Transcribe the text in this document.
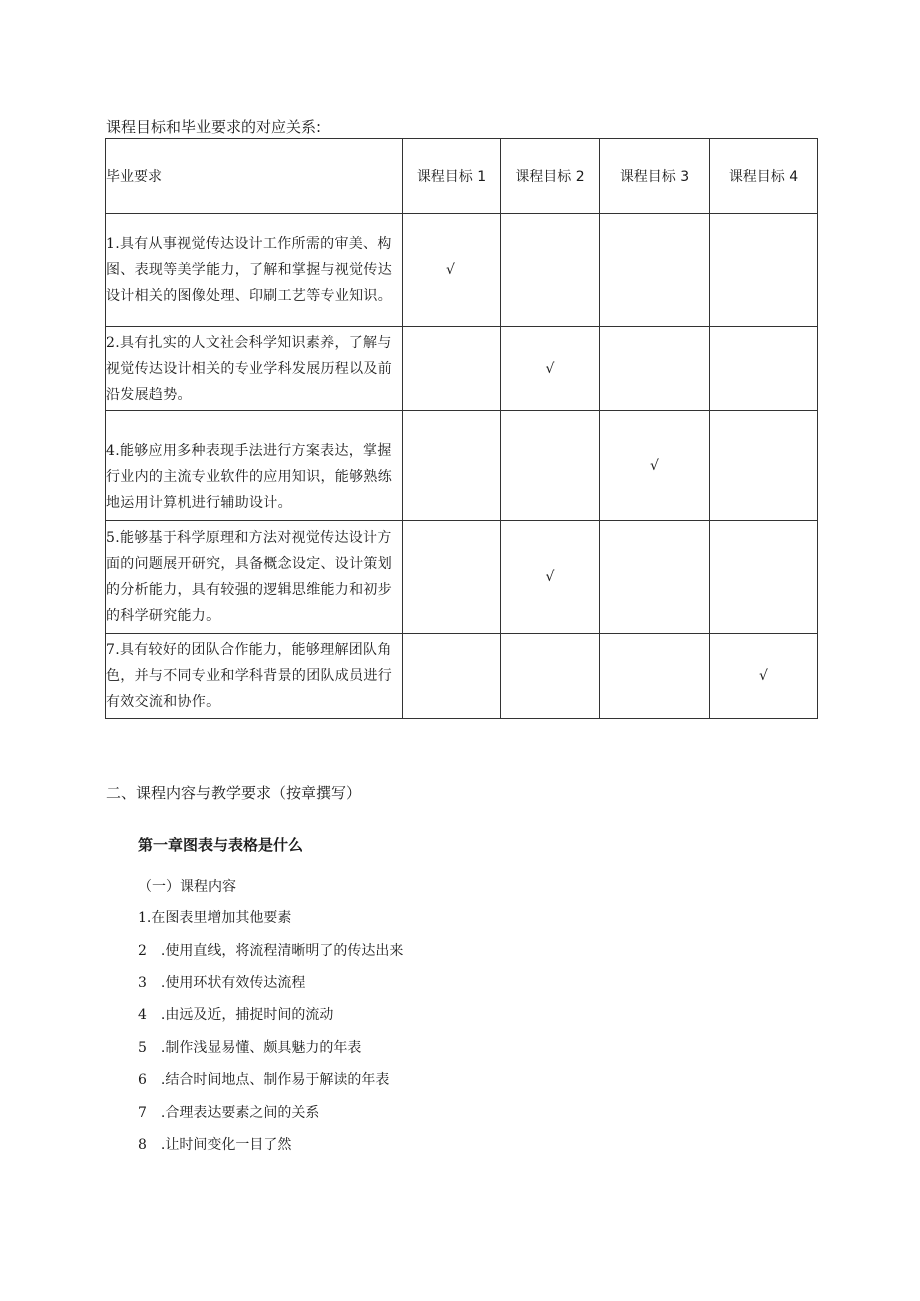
课程目标和毕业要求的对应关系:
毕业要求	课程目标 1	课程目标 2	课程目标 3	课程目标 4
1.具有从事视觉传达设计工作所需的审美、构图、表现等美学能力，了解和掌握与视觉传达设计相关的图像处理、印刷工艺等专业知识。	√			
2.具有扎实的人文社会科学知识素养，了解与视觉传达设计相关的专业学科发展历程以及前沿发展趋势。		√		
4.能够应用多种表现手法进行方案表达，掌握行业内的主流专业软件的应用知识，能够熟练地运用计算机进行辅助设计。			√	
5.能够基于科学原理和方法对视觉传达设计方面的问题展开研究，具备概念设定、设计策划的分析能力，具有较强的逻辑思维能力和初步的科学研究能力。		√		
7.具有较好的团队合作能力，能够理解团队角色，并与不同专业和学科背景的团队成员进行有效交流和协作。				√
二、课程内容与教学要求（按章撰写）
第一章图表与表格是什么
（一）课程内容
1.在图表里增加其他要素
2　.使用直线，将流程清晰明了的传达出来
3　.使用环状有效传达流程
4　.由远及近，捕捉时间的流动
5　.制作浅显易懂、颇具魅力的年表
6　.结合时间地点、制作易于解读的年表
7　.合理表达要素之间的关系
8　.让时间变化一目了然
